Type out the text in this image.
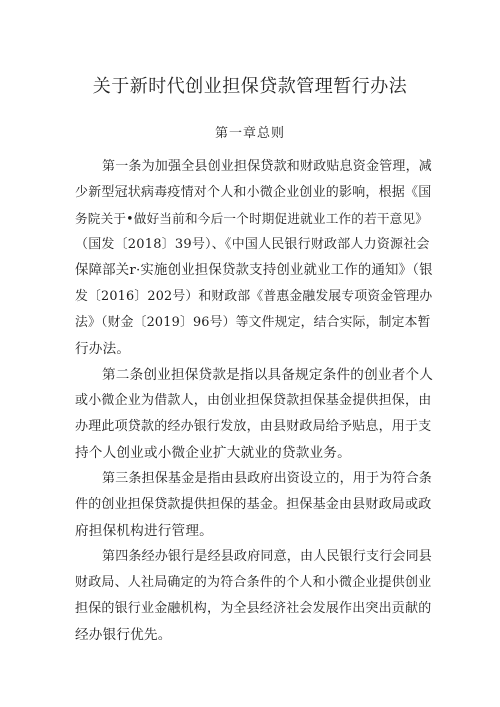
关于新时代创业担保贷款管理暂行办法
第一章总则
第一条为加强全县创业担保贷款和财政贴息资金管理，减
少新型冠状病毒疫情对个人和小微企业创业的影响，根据《国
务院关于•做好当前和今后一个时期促进就业工作的若干意见》
（国发〔2018〕39号）、《中国人民银行财政部人力资源社会
保障部关r·实施创业担保贷款支持创业就业工作的通知》（银
发〔2016〕202号）和财政部《普惠金融发展专项资金管理办
法》（财金〔2019〕96号）等文件规定，结合实际，制定本暂
行办法。
第二条创业担保贷款是指以具备规定条件的创业者个人
或小微企业为借款人，由创业担保贷款担保基金提供担保，由
办理此项贷款的经办银行发放，由县财政局给予贴息，用于支
持个人创业或小微企业扩大就业的贷款业务。
第三条担保基金是指由县政府出资设立的，用于为符合条
件的创业担保贷款提供担保的基金。担保基金由县财政局或政
府担保机构进行管理。
第四条经办银行是经县政府同意，由人民银行支行会同县
财政局、人社局确定的为符合条件的个人和小微企业提供创业
担保的银行业金融机构，为全县经济社会发展作出突出贡献的
经办银行优先。
